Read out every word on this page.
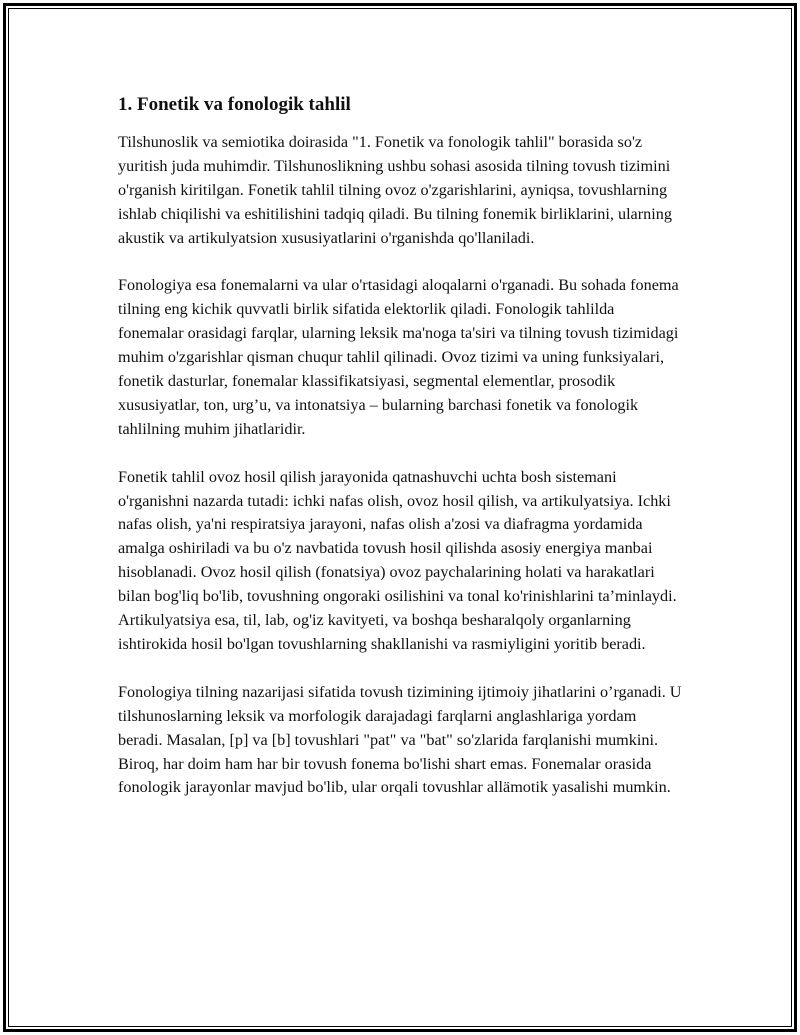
1. Fonetik va fonologik tahlil

Tilshunoslik va semiotika doirasida "1. Fonetik va fonologik tahlil" borasida so'z yuritish juda muhimdir. Tilshunoslikning ushbu sohasi asosida tilning tovush tizimini o'rganish kiritilgan. Fonetik tahlil tilning ovoz o'zgarishlarini, ayniqsa, tovushlarning ishlab chiqilishi va eshitilishini tadqiq qiladi. Bu tilning fonemik birliklarini, ularning akustik va artikulyatsion xususiyatlarini o'rganishda qo'llaniladi.

Fonologiya esa fonemalarni va ular o'rtasidagi aloqalarni o'rganadi. Bu sohada fonema tilning eng kichik quvvatli birlik sifatida elektorlik qiladi. Fonologik tahlilda fonemalar orasidagi farqlar, ularning leksik ma'noga ta'siri va tilning tovush tizimidagi muhim o'zgarishlar qisman chuqur tahlil qilinadi. Ovoz tizimi va uning funksiyalari, fonetik dasturlar, fonemalar klassifikatsiyasi, segmental elementlar, prosodik xususiyatlar, ton, urg’u, va intonatsiya – bularning barchasi fonetik va fonologik tahlilning muhim jihatlaridir.

Fonetik tahlil ovoz hosil qilish jarayonida qatnashuvchi uchta bosh sistemani o'rganishni nazarda tutadi: ichki nafas olish, ovoz hosil qilish, va artikulyatsiya. Ichki nafas olish, ya'ni respiratsiya jarayoni, nafas olish a'zosi va diafragma yordamida amalga oshiriladi va bu o'z navbatida tovush hosil qilishda asosiy energiya manbai hisoblanadi. Ovoz hosil qilish (fonatsiya) ovoz paychalarining holati va harakatlari bilan bog'liq bo'lib, tovushning ongoraki osilishini va tonal ko'rinishlarini ta’minlaydi. Artikulyatsiya esa, til, lab, og'iz kavityeti, va boshqa besharalqoly organlarning ishtirokida hosil bo'lgan tovushlarning shakllanishi va rasmiyligini yoritib beradi.

Fonologiya tilning nazarijasi sifatida tovush tizimining ijtimoiy jihatlarini o’rganadi. U tilshunoslarning leksik va morfologik darajadagi farqlarni anglashlariga yordam beradi. Masalan, [p] va [b] tovushlari "pat" va "bat" so'zlarida farqlanishi mumkini. Biroq, har doim ham har bir tovush fonema bo'lishi shart emas. Fonemalar orasida fonologik jarayonlar mavjud bo'lib, ular orqali tovushlar allämotik yasalishi mumkin.
